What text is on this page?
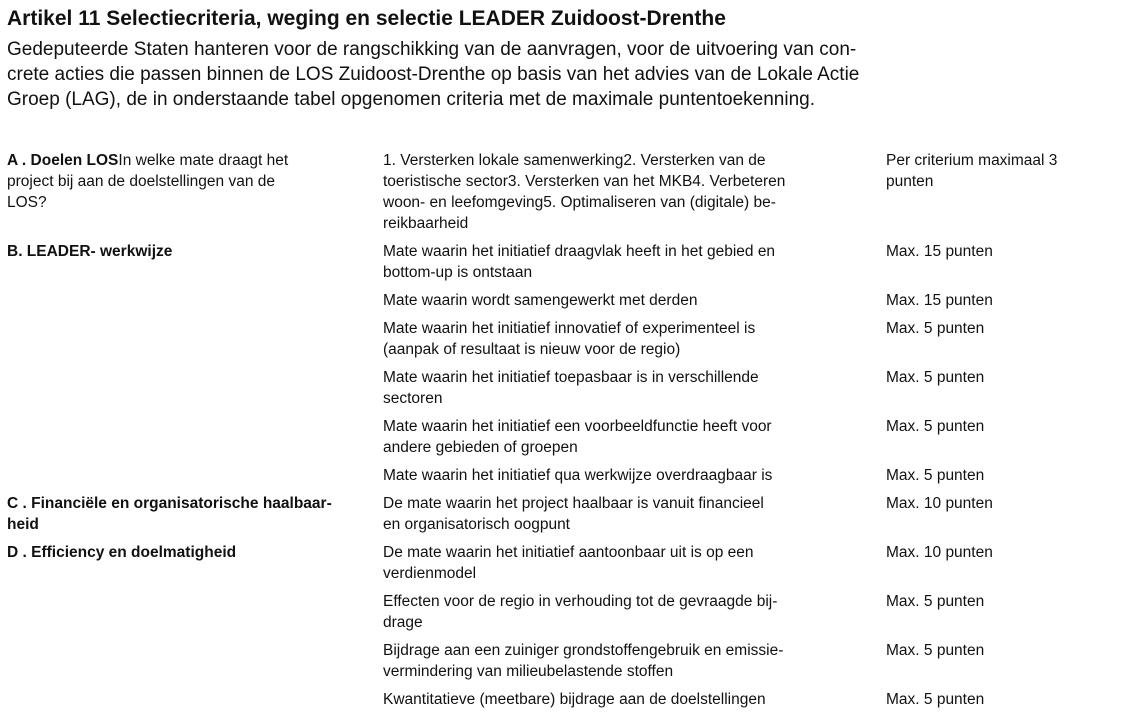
Artikel 11 Selectiecriteria, weging en selectie LEADER Zuidoost-Drenthe

Gedeputeerde Staten hanteren voor de rangschikking van de aanvragen, voor de uitvoering van con-
crete acties die passen binnen de LOS Zuidoost-Drenthe op basis van het advies van de Lokale Actie
Groep (LAG), de in onderstaande tabel opgenomen criteria met de maximale puntentoekenning.

A . Doelen LOSIn welke mate draagt het
project bij aan de doelstellingen van de
LOS?	1. Versterken lokale samenwerking2. Versterken van de
toeristische sector3. Versterken van het MKB4. Verbeteren
woon- en leefomgeving5. Optimaliseren van (digitale) be-
reikbaarheid	Per criterium maximaal 3
punten

B. LEADER- werkwijze	Mate waarin het initiatief draagvlak heeft in het gebied en
bottom-up is ontstaan	Max. 15 punten

	Mate waarin wordt samengewerkt met derden	Max. 15 punten

	Mate waarin het initiatief innovatief of experimenteel is
(aanpak of resultaat is nieuw voor de regio)	Max. 5 punten

	Mate waarin het initiatief toepasbaar is in verschillende
sectoren	Max. 5 punten

	Mate waarin het initiatief een voorbeeldfunctie heeft voor
andere gebieden of groepen	Max. 5 punten

	Mate waarin het initiatief qua werkwijze overdraagbaar is	Max. 5 punten

C . Financiële en organisatorische haalbaar-
heid	De mate waarin het project haalbaar is vanuit financieel
en organisatorisch oogpunt	Max. 10 punten

D . Efficiency en doelmatigheid	De mate waarin het initiatief aantoonbaar uit is op een
verdienmodel	Max. 10 punten

	Effecten voor de regio in verhouding tot de gevraagde bij-
drage	Max. 5 punten

	Bijdrage aan een zuiniger grondstoffengebruik en emissie-
vermindering van milieubelastende stoffen	Max. 5 punten

	Kwantitatieve (meetbare) bijdrage aan de doelstellingen	Max. 5 punten
